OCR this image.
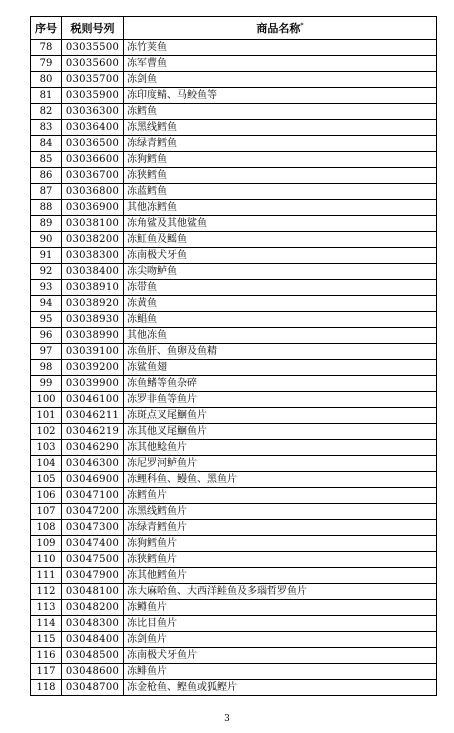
序号	税则号列	商品名称*
78	03035500	冻竹荚鱼
79	03035600	冻军曹鱼
80	03035700	冻剑鱼
81	03035900	冻印度鲭、马鲛鱼等
82	03036300	冻鳕鱼
83	03036400	冻黑线鳕鱼
84	03036500	冻绿青鳕鱼
85	03036600	冻狗鳕鱼
86	03036700	冻狭鳕鱼
87	03036800	冻蓝鳕鱼
88	03036900	其他冻鳕鱼
89	03038100	冻角鲨及其他鲨鱼
90	03038200	冻魟鱼及鳐鱼
91	03038300	冻南极犬牙鱼
92	03038400	冻尖吻鲈鱼
93	03038910	冻带鱼
94	03038920	冻黄鱼
95	03038930	冻鲳鱼
96	03038990	其他冻鱼
97	03039100	冻鱼肝、鱼卵及鱼精
98	03039200	冻鲨鱼翅
99	03039900	冻鱼鳍等鱼杂碎
100	03046100	冻罗非鱼等鱼片
101	03046211	冻斑点叉尾鮰鱼片
102	03046219	冻其他叉尾鮰鱼片
103	03046290	冻其他鲶鱼片
104	03046300	冻尼罗河鲈鱼片
105	03046900	冻鲤科鱼、鳗鱼、黑鱼片
106	03047100	冻鳕鱼片
107	03047200	冻黑线鳕鱼片
108	03047300	冻绿青鳕鱼片
109	03047400	冻狗鳕鱼片
110	03047500	冻狭鳕鱼片
111	03047900	冻其他鳕鱼片
112	03048100	冻大麻哈鱼、大西洋鲑鱼及多瑙哲罗鱼片
113	03048200	冻鳟鱼片
114	03048300	冻比目鱼片
115	03048400	冻剑鱼片
116	03048500	冻南极犬牙鱼片
117	03048600	冻鲱鱼片
118	03048700	冻金枪鱼、鲣鱼或狐鲣片
3
